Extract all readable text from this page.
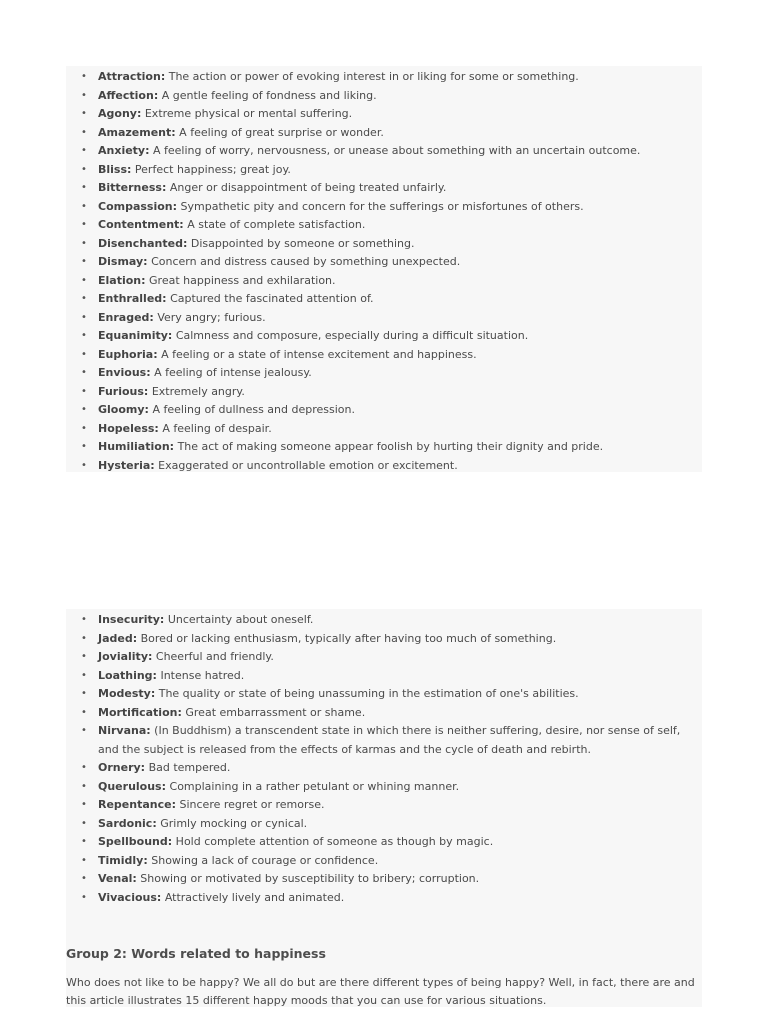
• Attraction: The action or power of evoking interest in or liking for some or something.
• Affection: A gentle feeling of fondness and liking.
• Agony: Extreme physical or mental suffering.
• Amazement: A feeling of great surprise or wonder.
• Anxiety: A feeling of worry, nervousness, or unease about something with an uncertain outcome.
• Bliss: Perfect happiness; great joy.
• Bitterness: Anger or disappointment of being treated unfairly.
• Compassion: Sympathetic pity and concern for the sufferings or misfortunes of others.
• Contentment: A state of complete satisfaction.
• Disenchanted: Disappointed by someone or something.
• Dismay: Concern and distress caused by something unexpected.
• Elation: Great happiness and exhilaration.
• Enthralled: Captured the fascinated attention of.
• Enraged: Very angry; furious.
• Equanimity: Calmness and composure, especially during a difficult situation.
• Euphoria: A feeling or a state of intense excitement and happiness.
• Envious: A feeling of intense jealousy.
• Furious: Extremely angry.
• Gloomy: A feeling of dullness and depression.
• Hopeless: A feeling of despair.
• Humiliation: The act of making someone appear foolish by hurting their dignity and pride.
• Hysteria: Exaggerated or uncontrollable emotion or excitement.
• Insecurity: Uncertainty about oneself.
• Jaded: Bored or lacking enthusiasm, typically after having too much of something.
• Joviality: Cheerful and friendly.
• Loathing: Intense hatred.
• Modesty: The quality or state of being unassuming in the estimation of one's abilities.
• Mortification: Great embarrassment or shame.
• Nirvana: (In Buddhism) a transcendent state in which there is neither suffering, desire, nor sense of self, and the subject is released from the effects of karmas and the cycle of death and rebirth.
• Ornery: Bad tempered.
• Querulous: Complaining in a rather petulant or whining manner.
• Repentance: Sincere regret or remorse.
• Sardonic: Grimly mocking or cynical.
• Spellbound: Hold complete attention of someone as though by magic.
• Timidly: Showing a lack of courage or confidence.
• Venal: Showing or motivated by susceptibility to bribery; corruption.
• Vivacious: Attractively lively and animated.
Group 2: Words related to happiness

Who does not like to be happy? We all do but are there different types of being happy? Well, in fact, there are and this article illustrates 15 different happy moods that you can use for various situations.
